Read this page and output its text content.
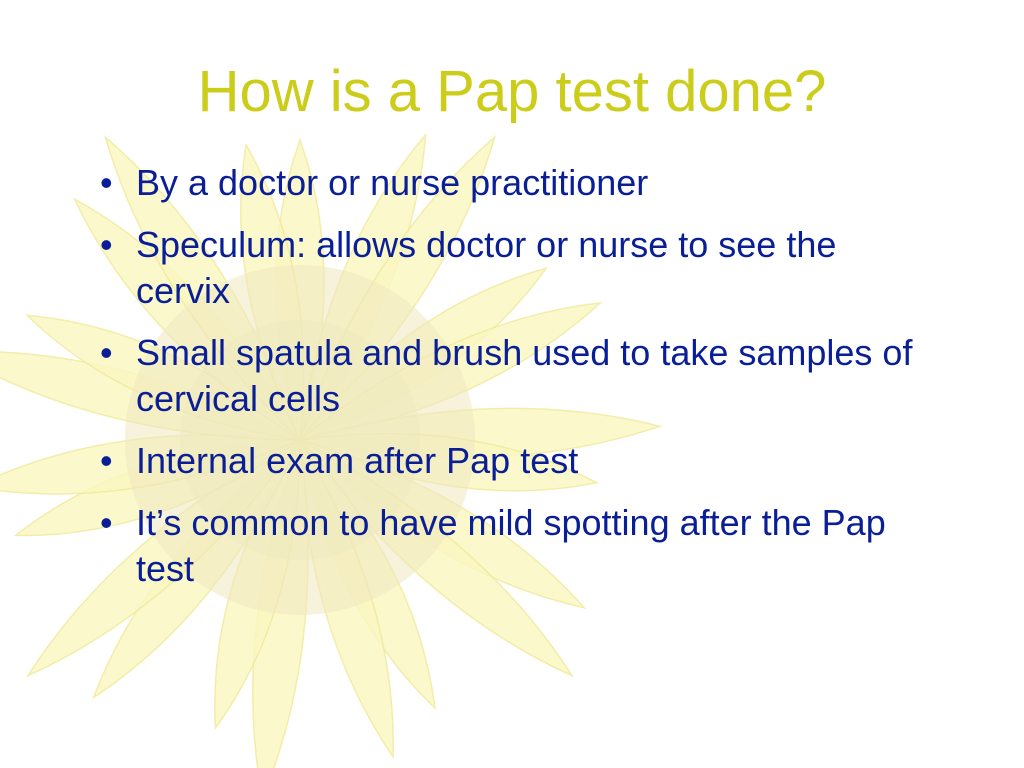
How is a Pap test done?
• By a doctor or nurse practitioner
• Speculum: allows doctor or nurse to see the cervix
• Small spatula and brush used to take samples of cervical cells
• Internal exam after Pap test
• It’s common to have mild spotting after the Pap test
